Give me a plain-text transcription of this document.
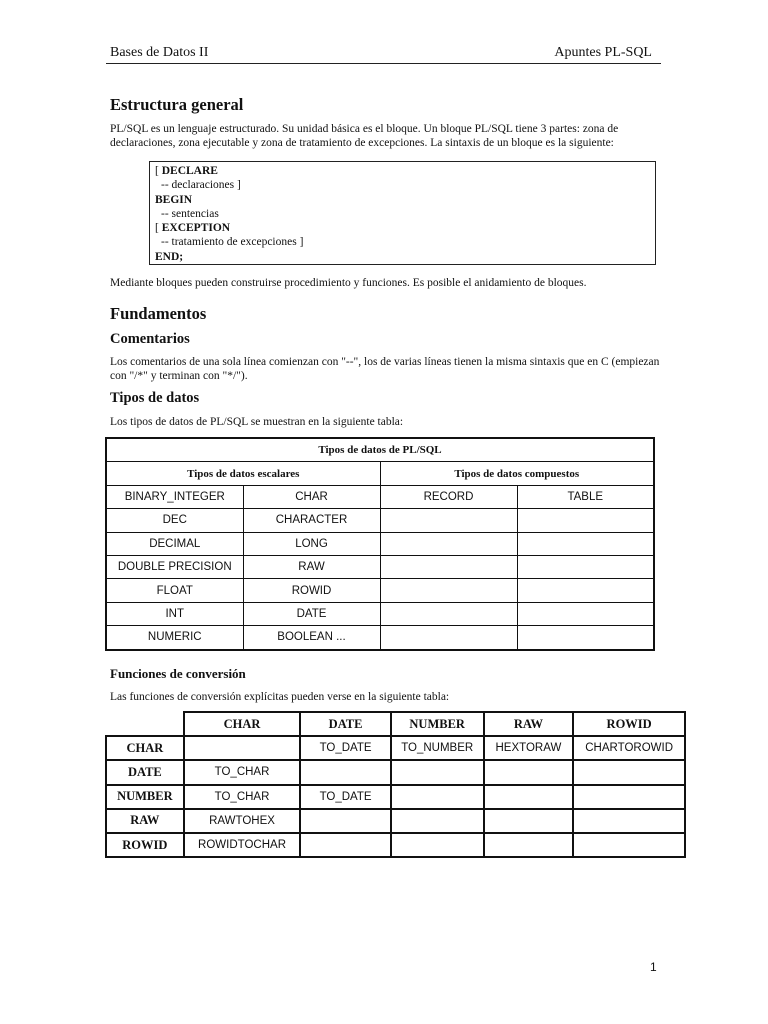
Bases de Datos II	Apuntes PL-SQL
Estructura general

PL/SQL es un lenguaje estructurado. Su unidad básica es el bloque. Un bloque PL/SQL tiene 3 partes: zona de declaraciones, zona ejecutable y zona de tratamiento de excepciones. La sintaxis de un bloque es la siguiente:

[ DECLARE
-- declaraciones ]
BEGIN
-- sentencias
[ EXCEPTION
-- tratamiento de excepciones ]
END;

Mediante bloques pueden construirse procedimiento y funciones. Es posible el anidamiento de bloques.

Fundamentos
Comentarios

Los comentarios de una sola línea comienzan con "--", los de varias líneas tienen la misma sintaxis que en C (empiezan con "/*" y terminan con "*/").

Tipos de datos

Los tipos de datos de PL/SQL se muestran en la siguiente tabla:

Tipos de datos de PL/SQL			
Tipos de datos escalares		Tipos de datos compuestos	
BINARY_INTEGER	CHAR	RECORD	TABLE
DEC	CHARACTER		
DECIMAL	LONG		
DOUBLE PRECISION	RAW		
FLOAT	ROWID		
INT	DATE		
NUMERIC	BOOLEAN ...		
Funciones de conversión

Las funciones de conversión explícitas pueden verse en la siguiente tabla:

	CHAR	DATE	NUMBER	RAW	ROWID
CHAR		TO_DATE	TO_NUMBER	HEXTORAW	CHARTOROWID
DATE	TO_CHAR				
NUMBER	TO_CHAR	TO_DATE			
RAW	RAWTOHEX				
ROWID	ROWIDTOCHAR				
1
